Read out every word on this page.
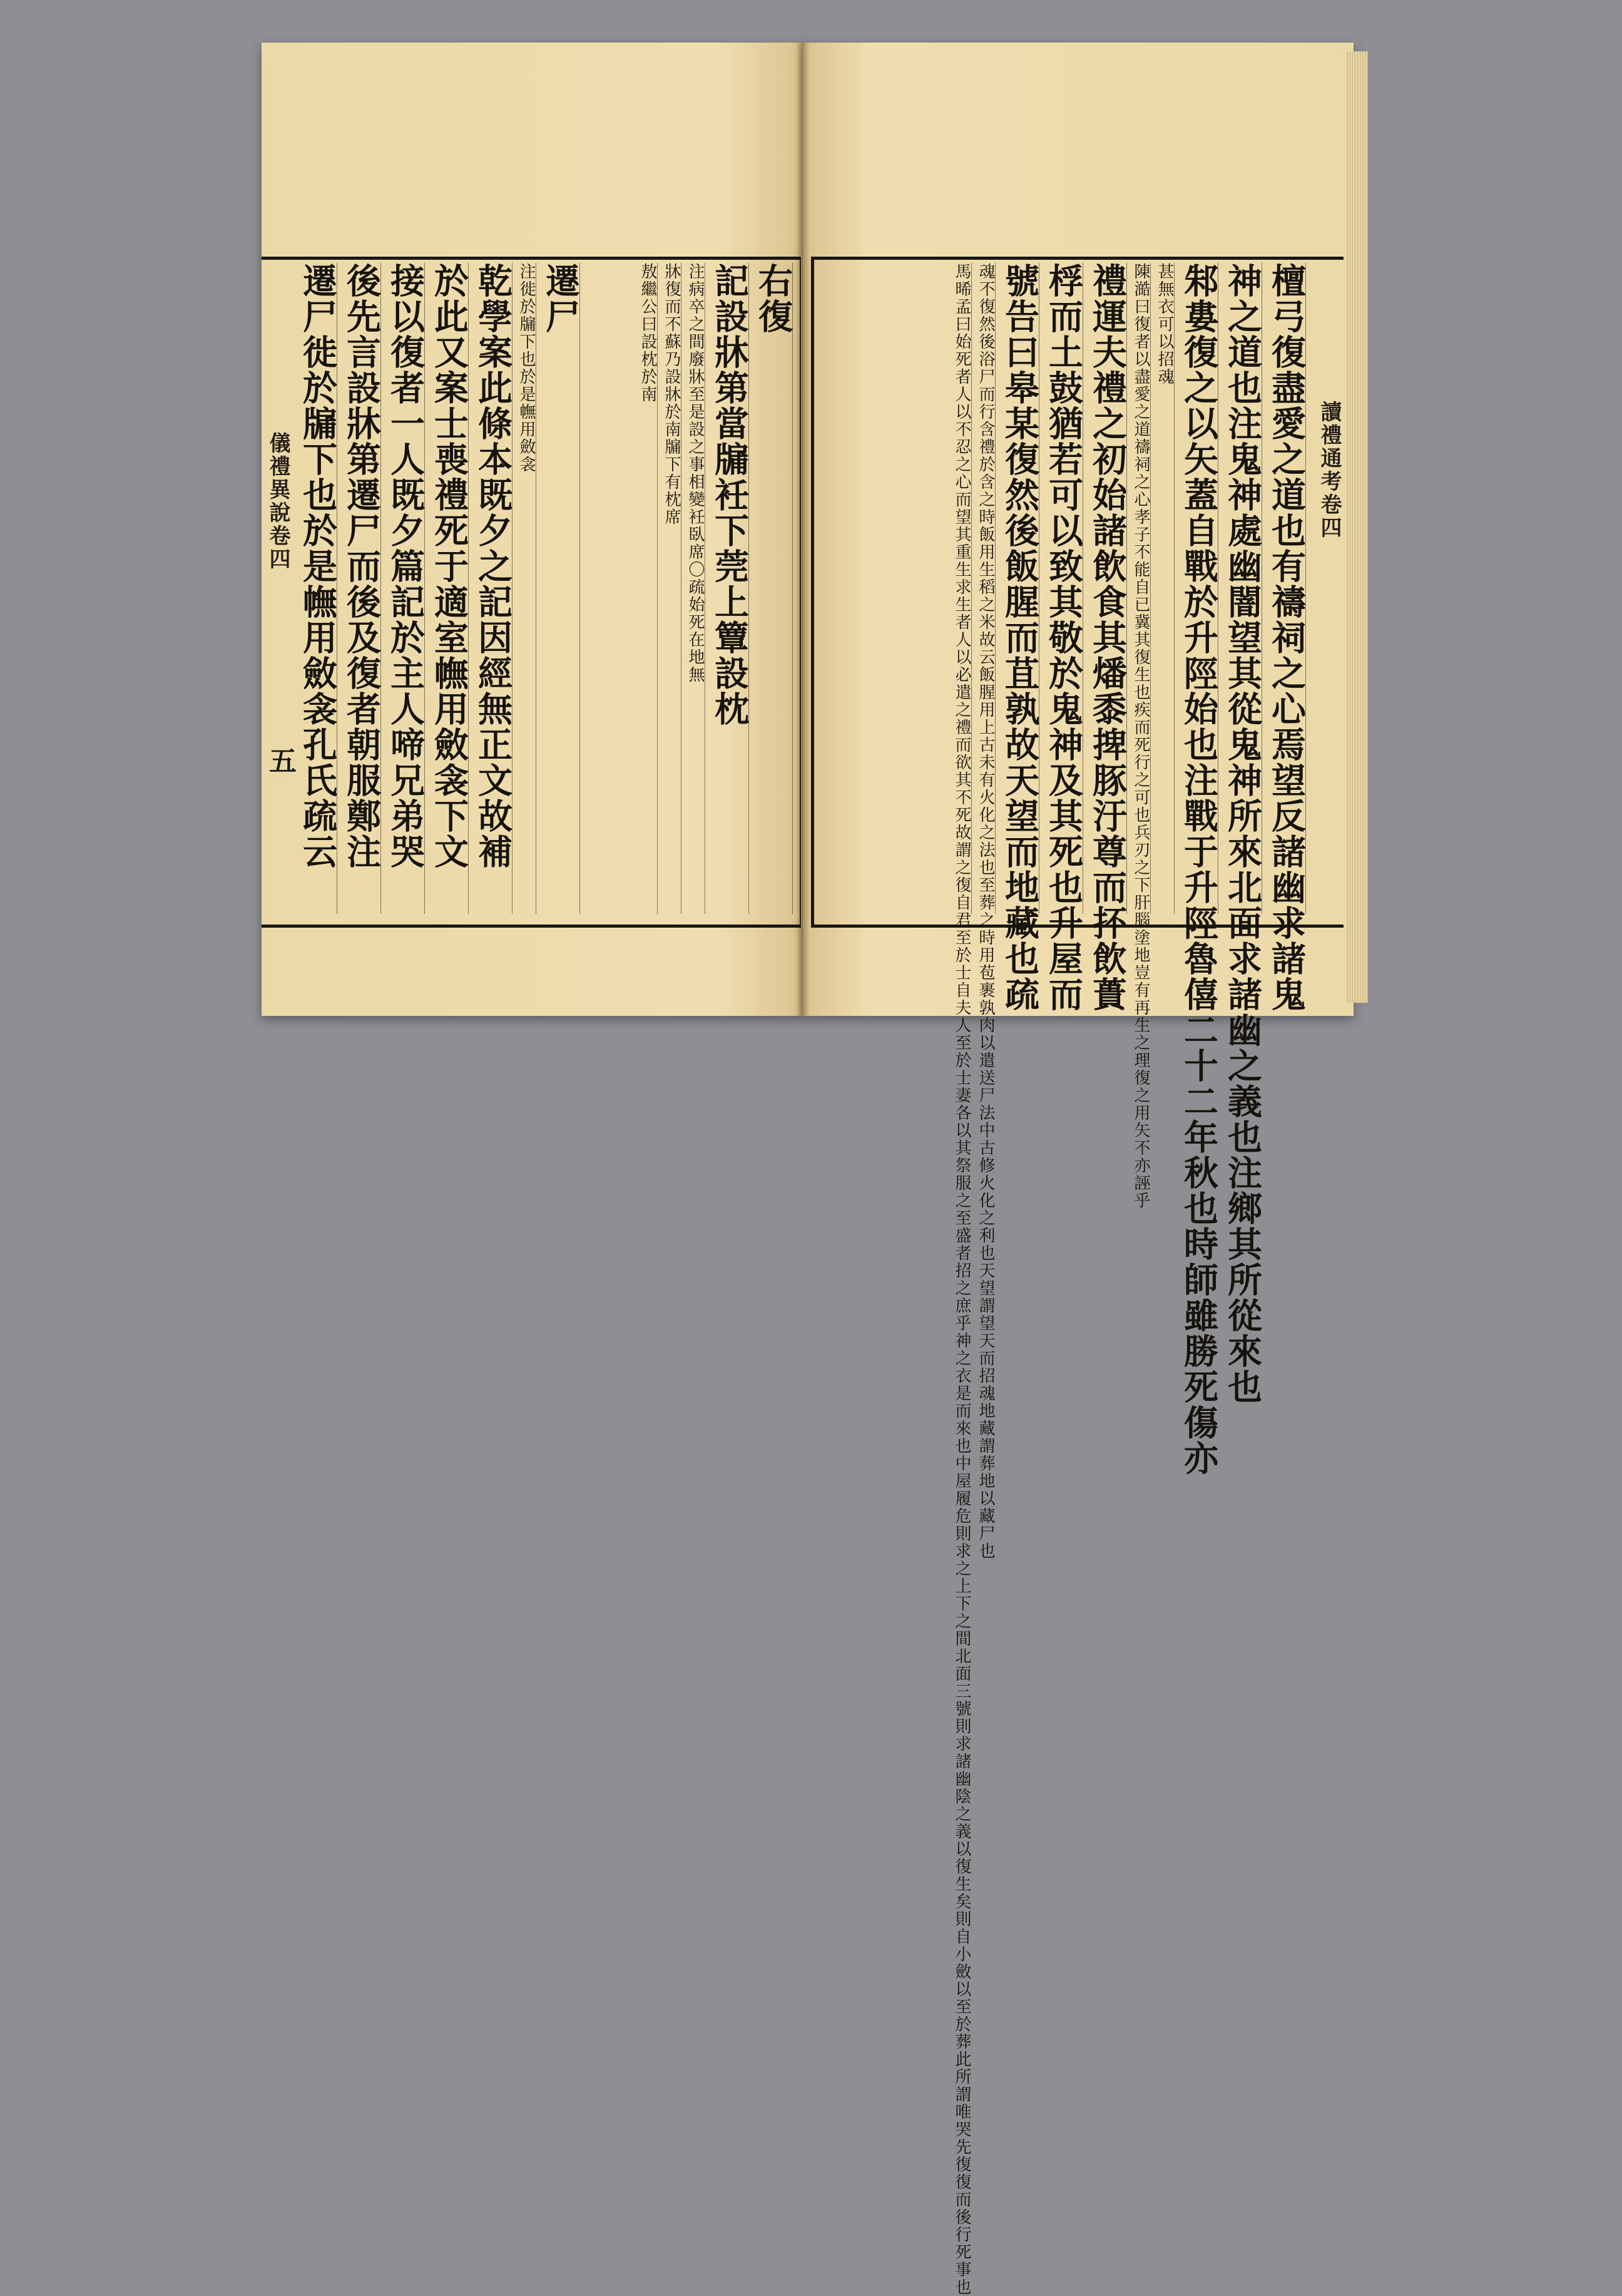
儀禮異說卷四
五
讀禮通考卷四
遷尸
注徙於牖下也於是幠用斂衾
乾學案此條本既夕之記因經無正文故補
於此又案士喪禮死于適室幠用斂衾下文
接以復者一人既夕篇記於主人啼兄弟哭
後先言設牀第遷尸而後及復者朝服鄭注
遷尸徙於牖下也於是幠用斂衾孔氏疏云	右復
記設牀第當牖衽下莞上簟設枕
注病卒之間廢牀至是設之事相變衽臥席〇疏始死在地無
牀復而不蘇乃設牀於南牖下有枕席
敖繼公曰設枕於南	檀弓復盡愛之道也有禱祠之心焉望反諸幽求諸鬼
神之道也注鬼神處幽闇望其從鬼神所來北面求諸幽之義也注鄉其所從來也
邾婁復之以矢蓋自戰於升陘始也注戰于升陘魯僖二十二年秋也時師雖勝死傷亦
甚無衣可以招魂
陳澔曰復者以盡愛之道禱祠之心孝子不能自已冀其復生也疾而死行之可也兵刃之下肝腦塗地豈有再生之理復之用矢不亦誣乎
禮運夫禮之初始諸飲食其燔黍捭豚汙尊而抔飲蕢
桴而土鼓猶若可以致其敬於鬼神及其死也升屋而
號告曰皋某復然後飯腥而苴孰故天望而地藏也疏
魂不復然後浴尸而行含禮於含之時飯用生稻之米故云飯腥用上古未有火化之法也至葬之時用苞裹孰肉以遣送尸法中古修火化之利也天望謂望天而招魂地藏謂葬地以藏尸也
馬晞孟曰始死者人以不忍之心而望其重生求生者人以必遣之禮而欲其不死故謂之復自君至於士自夫人至於士妻各以其祭服之至盛者招之庶乎神之衣是而來也中屋履危則求之上下之間北面三號則求諸幽陰之義以復生矣則自小斂以至於葬此所謂唯哭先復復而後行死事也
